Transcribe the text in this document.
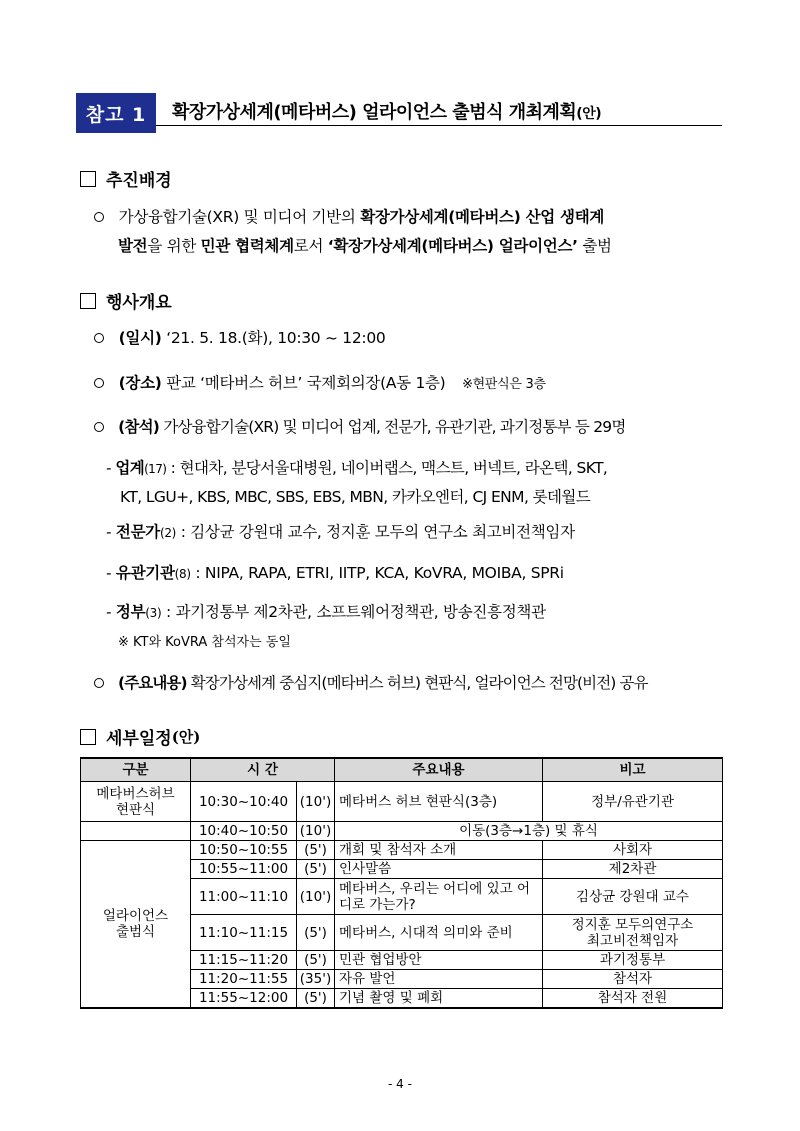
참고 1	확장가상세계(메타버스) 얼라이언스 출범식 개최계획(안)
추진배경
가상융합기술(XR) 및 미디어 기반의 확장가상세계(메타버스) 산업 생태계
발전을 위한 민관 협력체계로서 ‘확장가상세계(메타버스) 얼라이언스’ 출범
행사개요
(일시) ‘21. 5. 18.(화), 10:30 ~ 12:00
(장소) 판교 ‘메타버스 허브’ 국제회의장(A동 1층) ※현판식은 3층
(참석) 가상융합기술(XR) 및 미디어 업계, 전문가, 유관기관, 과기정통부 등 29명
- 업계(17) : 현대차, 분당서울대병원, 네이버랩스, 맥스트, 버넥트, 라온텍, SKT,
KT, LGU+, KBS, MBC, SBS, EBS, MBN, 카카오엔터, CJ ENM, 롯데월드
- 전문가(2) : 김상균 강원대 교수, 정지훈 모두의 연구소 최고비전책임자
- 유관기관(8) : NIPA, RAPA, ETRI, IITP, KCA, KoVRA, MOIBA, SPRi
- 정부(3) : 과기정통부 제2차관, 소프트웨어정책관, 방송진흥정책관
※ KT와 KoVRA 참석자는 동일
(주요내용) 확장가상세계 중심지(메타버스 허브) 현판식, 얼라이언스 전망(비전) 공유
세부일정 (안)
구분	시 간		주요내용	비고
메타버스허브
현판식	10:30~10:40	(10')	메타버스 허브 현판식(3층)	정부/유관기관
	10:40~10:50	(10')	이동(3층→1층) 및 휴식	
얼라이언스
출범식	10:50~10:55	(5')	개회 및 참석자 소개	사회자
	10:55~11:00	(5')	인사말씀	제2차관
	11:00~11:10	(10')	메타버스, 우리는 어디에 있고 어디로 가는가?	김상균 강원대 교수
	11:10~11:15	(5')	메타버스, 시대적 의미와 준비	정지훈 모두의연구소
최고비전책임자
	11:15~11:20	(5')	민관 협업방안	과기정통부
	11:20~11:55	(35')	자유 발언	참석자
	11:55~12:00	(5')	기념 촬영 및 폐회	참석자 전원
- 4 -
